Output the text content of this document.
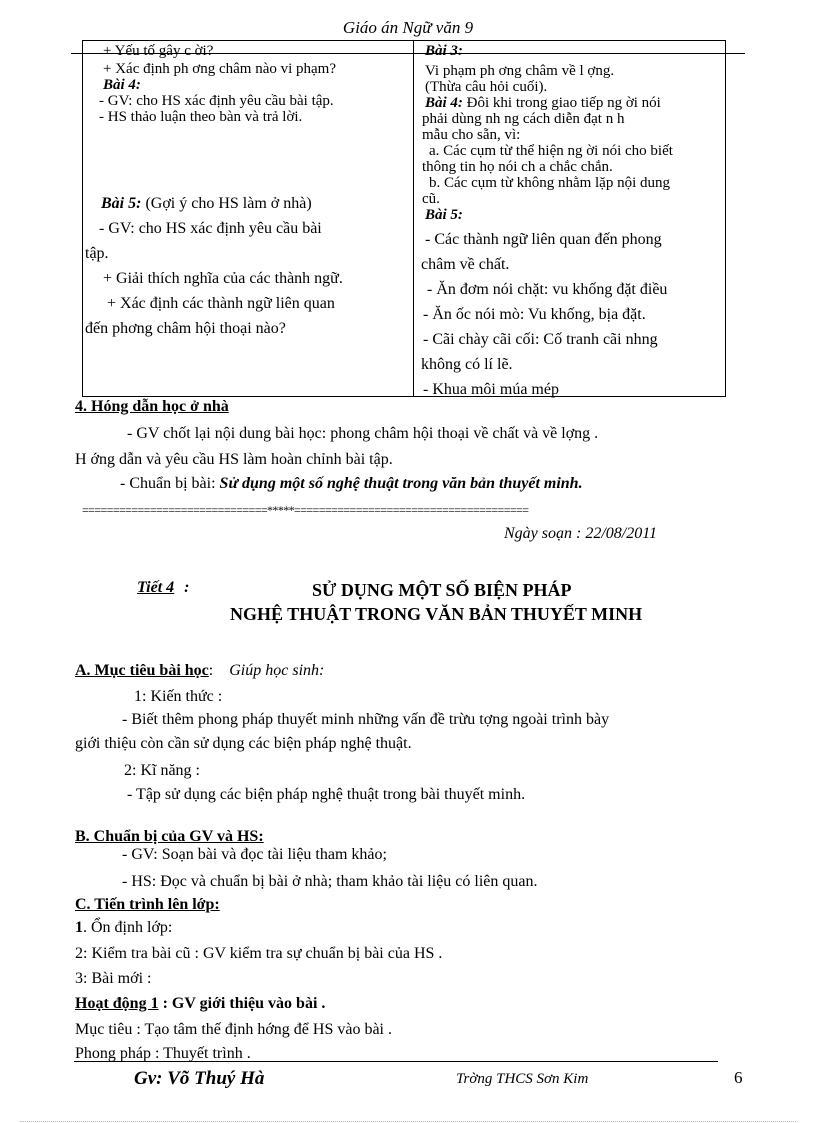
Giáo án Ngữ văn 9
+ Yếu tố gây c ời?
+ Xác định ph ơng châm nào vi phạm?
Bài 4:
- GV: cho HS xác định yêu cầu bài tập.
- HS thảo luận theo bàn và trả lời.
Bài 5: (Gợi ý cho HS làm ở nhà)
- GV: cho HS xác định yêu cầu bài
tập.
+ Giải thích nghĩa của các thành ngữ.
+ Xác định các thành ngữ liên quan
đến phơng châm hội thoại nào?
Bài 3:
Vi phạm ph ơng châm về l ợng.
(Thừa câu hỏi cuối).
Bài 4: Đôi khi trong giao tiếp ng ời nói
phải dùng nh ng cách diễn đạt n h
mẫu cho sẵn, vì:
a. Các cụm từ thể hiện ng ời nói cho biết
thông tin họ nói ch a chắc chắn.
b. Các cụm từ không nhằm lặp nội dung
cũ.
Bài 5:
- Các thành ngữ liên quan đến phong
châm về chất.
- Ăn đơm nói chặt: vu khống đặt điều
- Ăn ốc nói mò: Vu khống, bịa đặt.
- Cãi chày cãi cối: Cố tranh cãi nhng
không có lí lẽ.
- Khua môi múa mép
4. Hóng dẫn học ở nhà
- GV chốt lại nội dung bài học: phong châm hội thoại về chất và về lợng .
H ớng dẫn và yêu cầu HS làm hoàn chỉnh bài tập.
- Chuẩn bị bài: Sử dụng một số nghệ thuật trong văn bản thuyết minh.
==============================*****======================================
Ngày soạn : 22/08/2011
Tiết 4 :	SỬ DỤNG MỘT SỐ BIỆN PHÁP
NGHỆ THUẬT TRONG VĂN BẢN THUYẾT MINH
A. Mục tiêu bài học: Giúp học sinh:
1: Kiến thức :
- Biết thêm phong pháp thuyết minh những vấn đề trừu tợng ngoài trình bày
giới thiệu còn cần sử dụng các biện pháp nghệ thuật.
2: Kĩ năng :
- Tập sử dụng các biện pháp nghệ thuật trong bài thuyết minh.
B. Chuẩn bị của GV và HS:
- GV: Soạn bài và đọc tài liệu tham khảo;
- HS: Đọc và chuẩn bị bài ở nhà; tham khảo tài liệu có liên quan.
C. Tiến trình lên lớp:
1. Ổn định lớp:
2: Kiểm tra bài cũ : GV kiểm tra sự chuẩn bị bài của HS .
3: Bài mới :
Hoạt động 1 : GV giới thiệu vào bài .
Mục tiêu : Tạo tâm thế định hớng để HS vào bài .
Phong pháp : Thuyết trình .
Gv: Võ Thuý Hà	Trờng THCS Sơn Kim	6
